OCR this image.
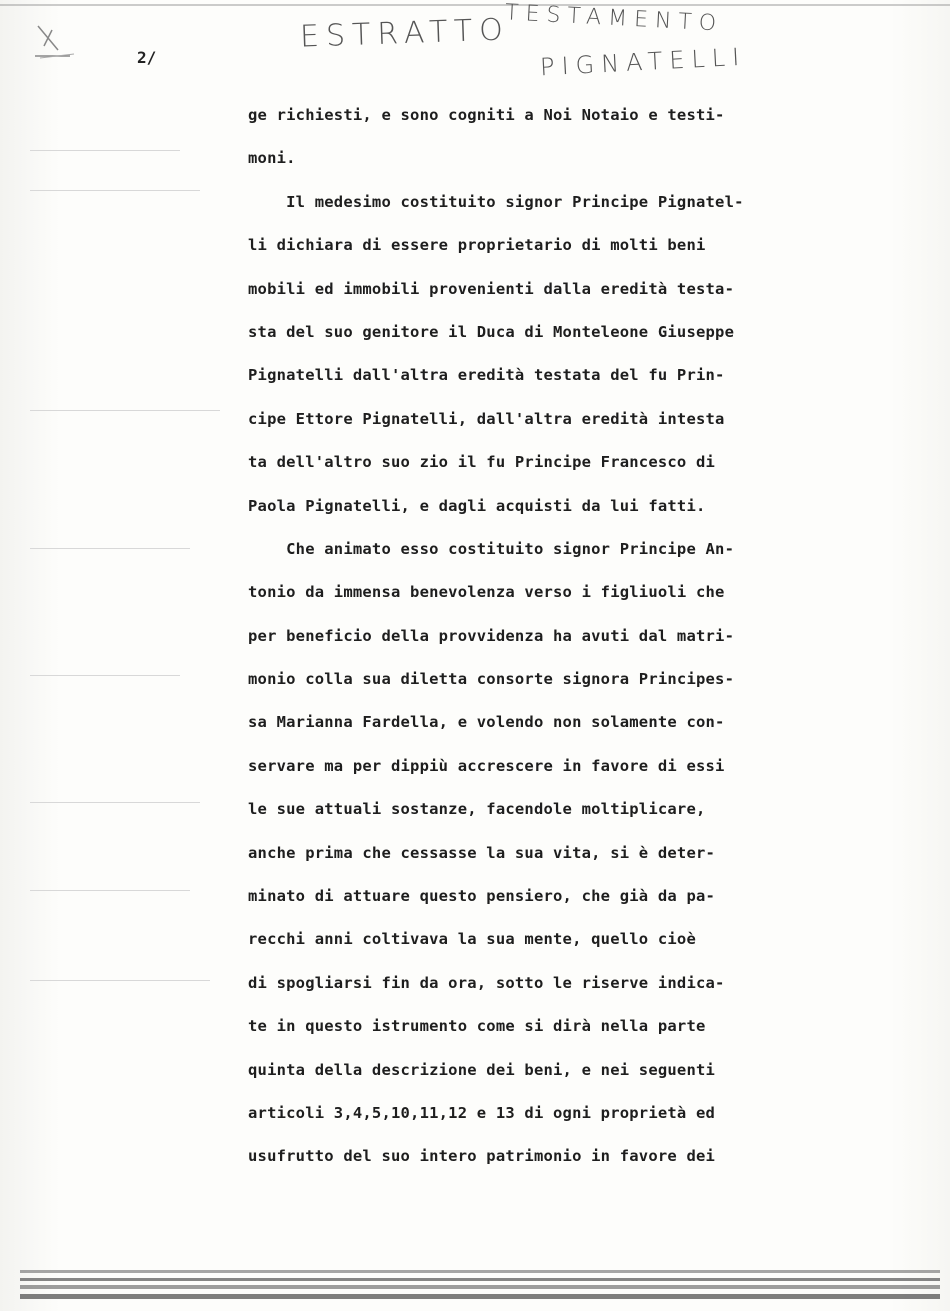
2/
ESTRATTO
TESTAMENTO
PIGNATELLI
ge richiesti, e sono cogniti a Noi Notaio e testi-
moni.
Il medesimo costituito signor Principe Pignatel-
li dichiara di essere proprietario di molti beni
mobili ed immobili provenienti dalla eredità testa-
sta del suo genitore il Duca di Monteleone Giuseppe
Pignatelli dall'altra eredità testata del fu Prin-
cipe Ettore Pignatelli, dall'altra eredità intesta
ta dell'altro suo zio il fu Principe Francesco di
Paola Pignatelli, e dagli acquisti da lui fatti.
Che animato esso costituito signor Principe An-
tonio da immensa benevolenza verso i figliuoli che
per beneficio della provvidenza ha avuti dal matri-
monio colla sua diletta consorte signora Principes-
sa Marianna Fardella, e volendo non solamente con-
servare ma per dippiù accrescere in favore di essi
le sue attuali sostanze, facendole moltiplicare,
anche prima che cessasse la sua vita, si è deter-
minato di attuare questo pensiero, che già da pa-
recchi anni coltivava la sua mente, quello cioè
di spogliarsi fin da ora, sotto le riserve indica-
te in questo istrumento come si dirà nella parte
quinta della descrizione dei beni, e nei seguenti
articoli 3,4,5,10,11,12 e 13 di ogni proprietà ed
usufrutto del suo intero patrimonio in favore dei
